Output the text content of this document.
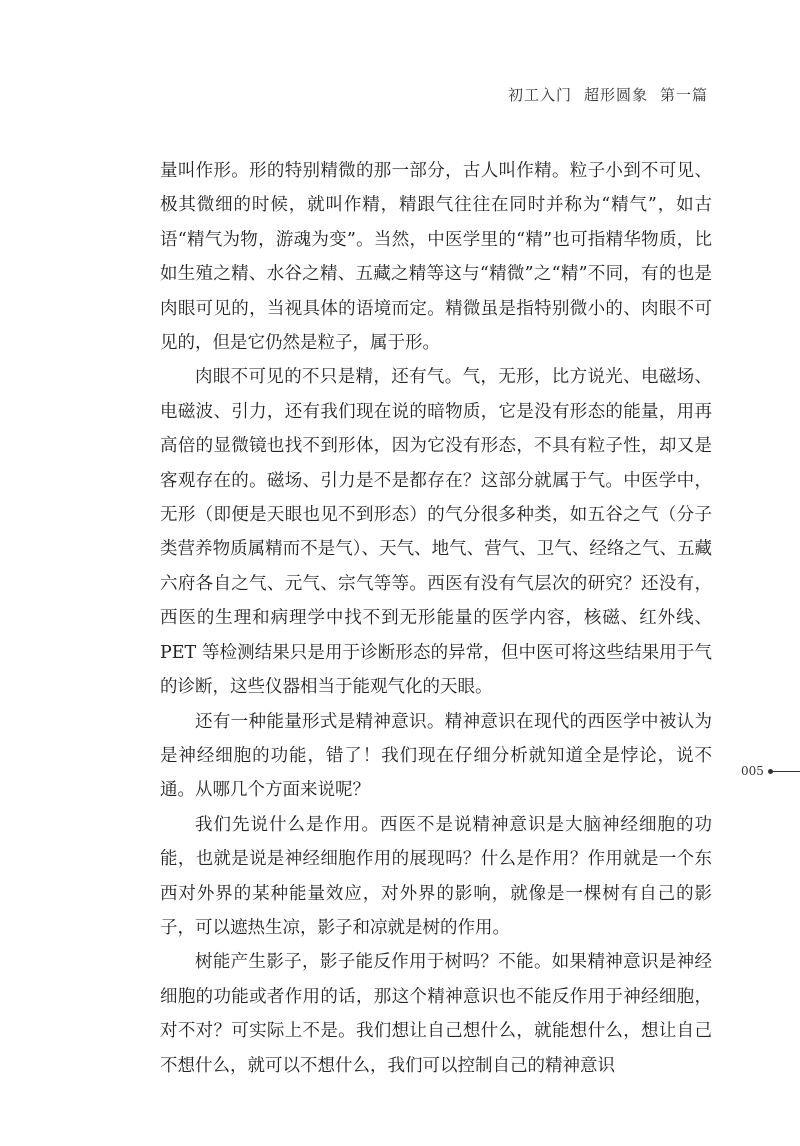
初工入门 超形圆象 第一篇
005

量叫作形。形的特别精微的那一部分，古人叫作精。粒子小到不可见、极其微细的时候，就叫作精，精跟气往往在同时并称为“精气”，如古语“精气为物，游魂为变”。当然，中医学里的“精”也可指精华物质，比如生殖之精、水谷之精、五藏之精等这与“精微”之“精”不同，有的也是肉眼可见的，当视具体的语境而定。精微虽是指特别微小的、肉眼不可见的，但是它仍然是粒子，属于形。

肉眼不可见的不只是精，还有气。气，无形，比方说光、电磁场、电磁波、引力，还有我们现在说的暗物质，它是没有形态的能量，用再高倍的显微镜也找不到形体，因为它没有形态，不具有粒子性，却又是客观存在的。磁场、引力是不是都存在？这部分就属于气。中医学中，无形（即便是天眼也见不到形态）的气分很多种类，如五谷之气（分子类营养物质属精而不是气）、天气、地气、营气、卫气、经络之气、五藏六府各自之气、元气、宗气等等。西医有没有气层次的研究？还没有，西医的生理和病理学中找不到无形能量的医学内容，核磁、红外线、PET 等检测结果只是用于诊断形态的异常，但中医可将这些结果用于气的诊断，这些仪器相当于能观气化的天眼。

还有一种能量形式是精神意识。精神意识在现代的西医学中被认为是神经细胞的功能，错了！我们现在仔细分析就知道全是悖论，说不通。从哪几个方面来说呢？

我们先说什么是作用。西医不是说精神意识是大脑神经细胞的功能，也就是说是神经细胞作用的展现吗？什么是作用？作用就是一个东西对外界的某种能量效应，对外界的影响，就像是一棵树有自己的影子，可以遮热生凉，影子和凉就是树的作用。

树能产生影子，影子能反作用于树吗？不能。如果精神意识是神经细胞的功能或者作用的话，那这个精神意识也不能反作用于神经细胞，对不对？可实际上不是。我们想让自己想什么，就能想什么，想让自己不想什么，就可以不想什么，我们可以控制自己的精神意识
